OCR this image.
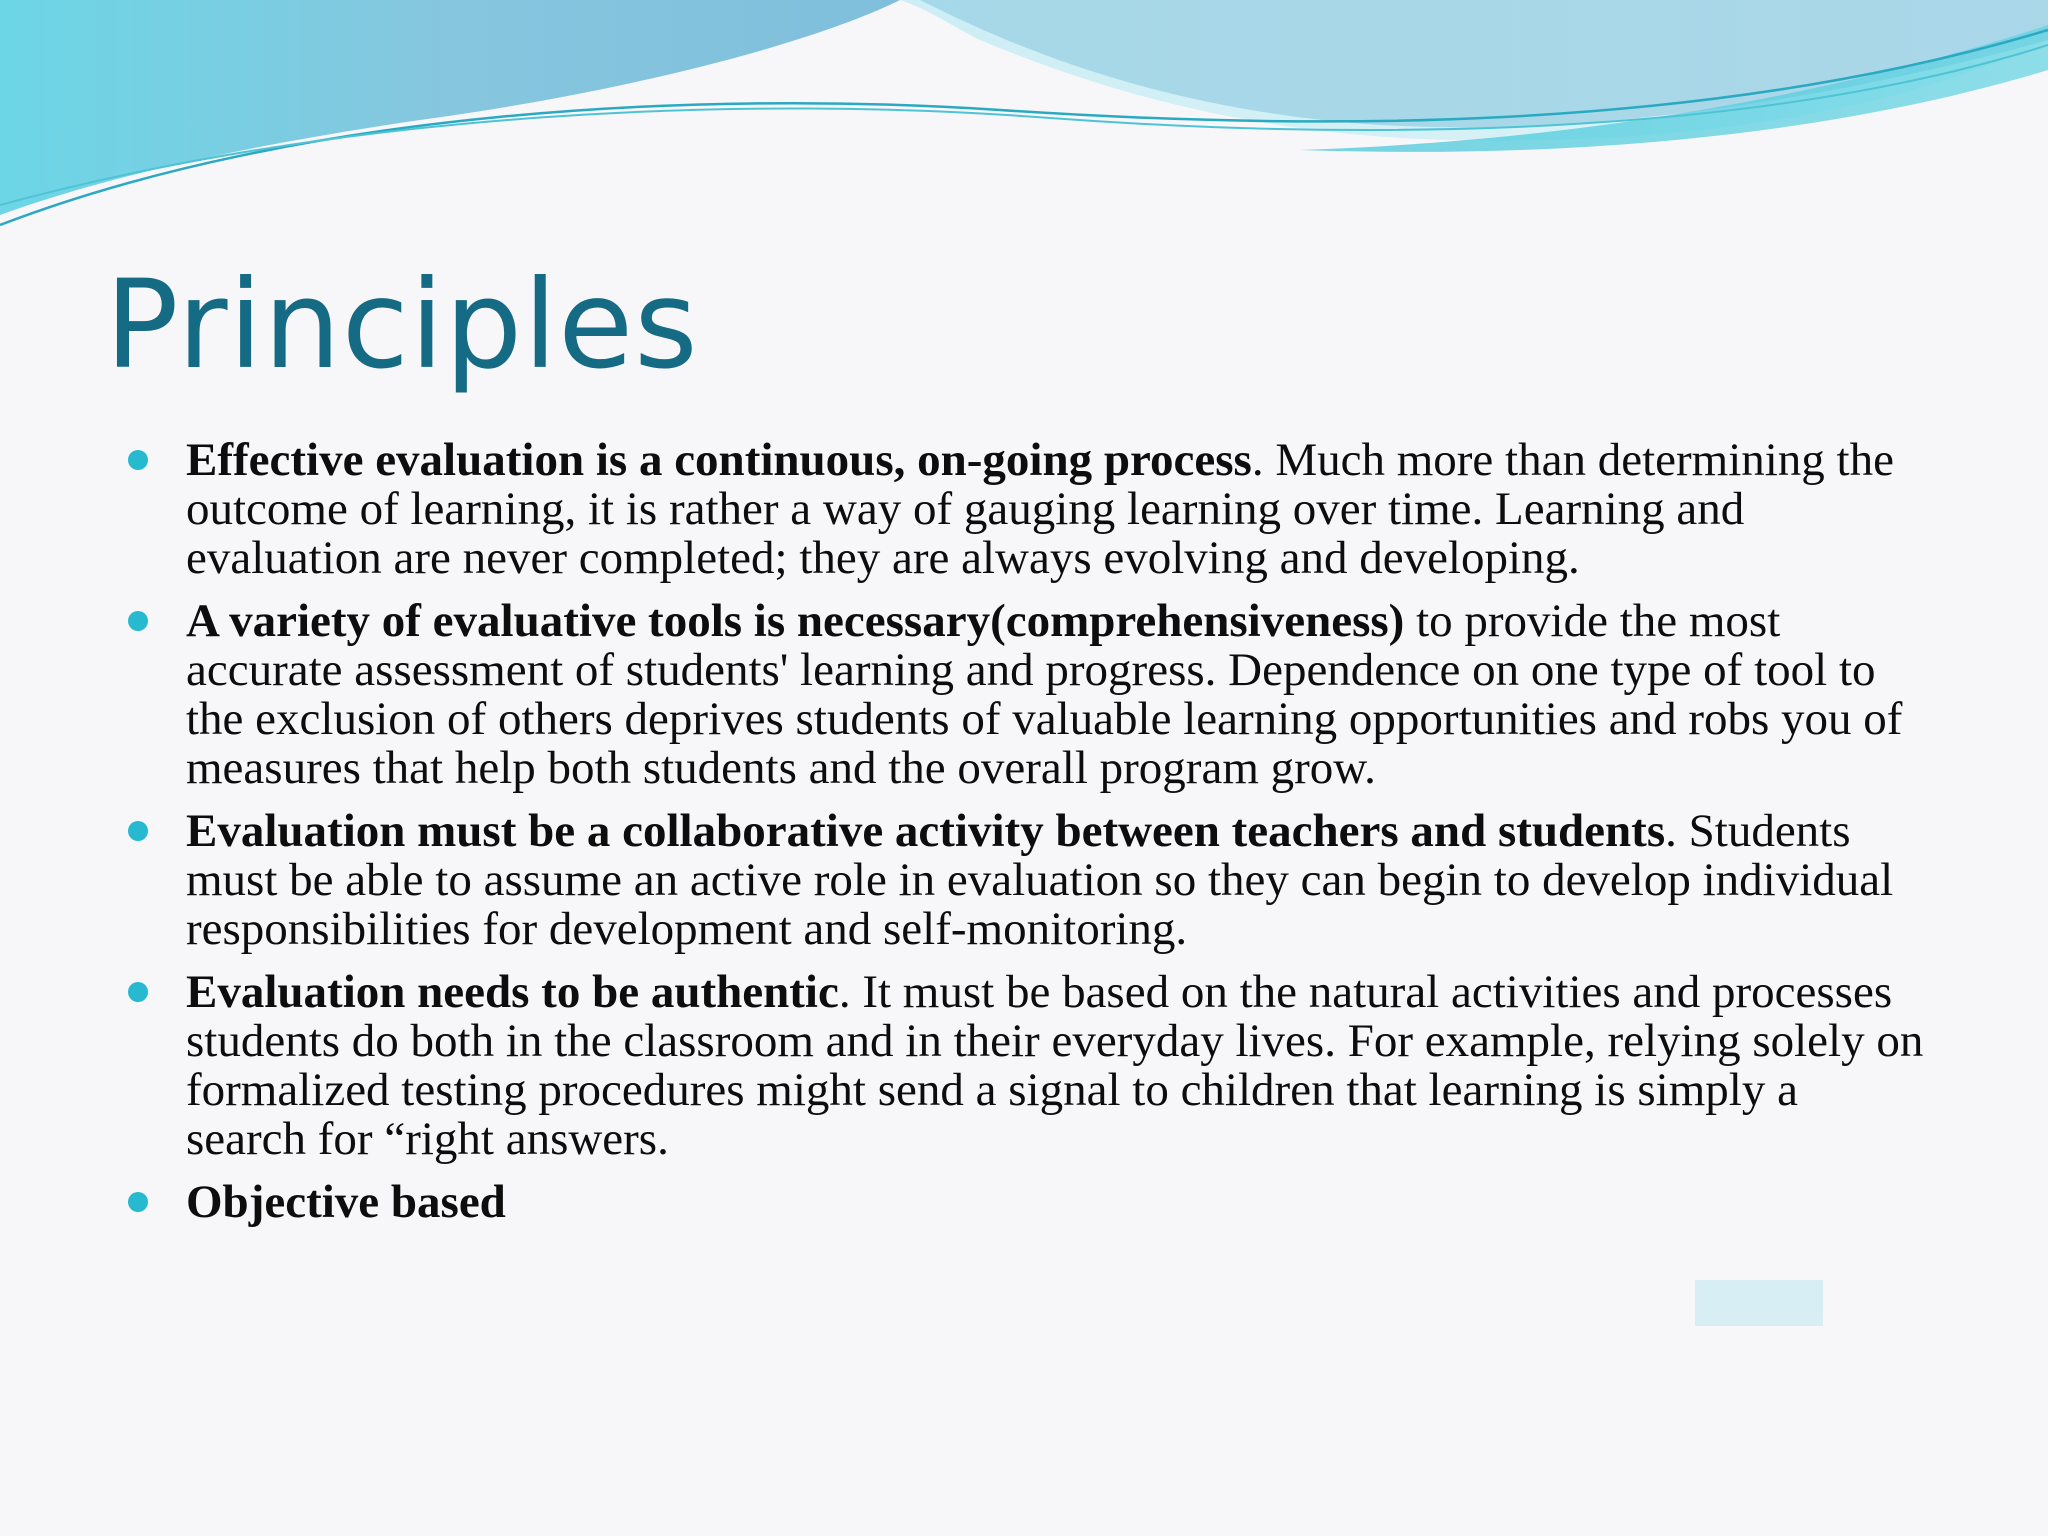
Principles
Effective evaluation is a continuous, on-going process. Much more than determining the outcome of learning, it is rather a way of gauging learning over time. Learning and evaluation are never completed; they are always evolving and developing.
A variety of evaluative tools is necessary(comprehensiveness) to provide the most accurate assessment of students' learning and progress. Dependence on one type of tool to the exclusion of others deprives students of valuable learning opportunities and robs you of measures that help both students and the overall program grow.
Evaluation must be a collaborative activity between teachers and students. Students must be able to assume an active role in evaluation so they can begin to develop individual responsibilities for development and self-monitoring.
Evaluation needs to be authentic. It must be based on the natural activities and processes students do both in the classroom and in their everyday lives. For example, relying solely on formalized testing procedures might send a signal to children that learning is simply a search for “right answers.
Objective based
